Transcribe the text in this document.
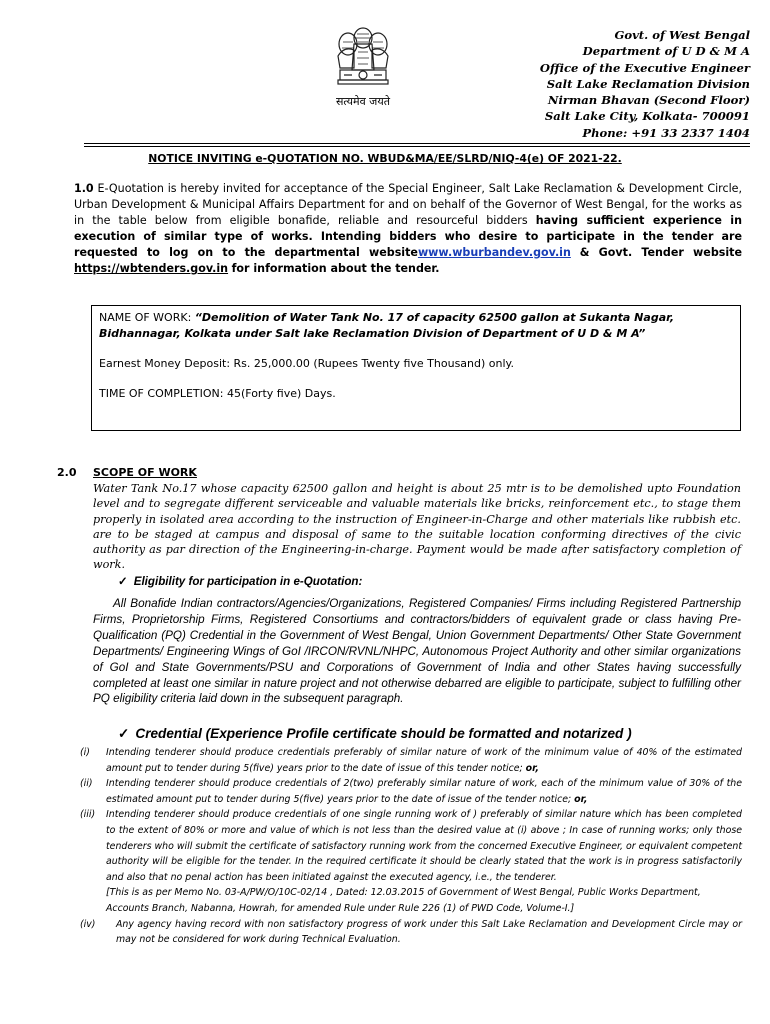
सत्यमेव जयते
Govt. of West Bengal
Department of U D & M A
Office of the Executive Engineer
Salt Lake Reclamation Division
Nirman Bhavan (Second Floor)
Salt Lake City, Kolkata- 700091
Phone: +91 33 2337 1404
NOTICE INVITING e-QUOTATION NO. WBUD&MA/EE/SLRD/NIQ-4(e) OF 2021-22.
1.0 E-Quotation is hereby invited for acceptance of the Special Engineer, Salt Lake Reclamation & Development Circle, Urban Development & Municipal Affairs Department for and on behalf of the Governor of West Bengal, for the works as in the table below from eligible bonafide, reliable and resourceful bidders having sufficient experience in execution of similar type of works. Intending bidders who desire to participate in the tender are requested to log on to the departmental websitewww.wburbandev.gov.in & Govt. Tender website https://wbtenders.gov.in for information about the tender.

NAME OF WORK: “Demolition of Water Tank No. 17 of capacity 62500 gallon at Sukanta Nagar, Bidhannagar, Kolkata under Salt lake Reclamation Division of Department of U D & M A”

Earnest Money Deposit: Rs. 25,000.00 (Rupees Twenty five Thousand) only.

TIME OF COMPLETION: 45(Forty five) Days.

2.0 SCOPE OF WORK
Water Tank No.17 whose capacity 62500 gallon and height is about 25 mtr is to be demolished upto Foundation level and to segregate different serviceable and valuable materials like bricks, reinforcement etc., to stage them properly in isolated area according to the instruction of Engineer-in-Charge and other materials like rubbish etc. are to be staged at campus and disposal of same to the suitable location conforming directives of the civic authority as par direction of the Engineering-in-charge. Payment would be made after satisfactory completion of work.
✓ Eligibility for participation in e-Quotation:
All Bonafide Indian contractors/Agencies/Organizations, Registered Companies/ Firms including Registered Partnership Firms, Proprietorship Firms, Registered Consortiums and contractors/bidders of equivalent grade or class having Pre-Qualification (PQ) Credential in the Government of West Bengal, Union Government Departments/ Other State Government Departments/ Engineering Wings of GoI /IRCON/RVNL/NHPC, Autonomous Project Authority and other similar organizations of GoI and State Governments/PSU and Corporations of Government of India and other States having successfully completed at least one similar in nature project and not otherwise debarred are eligible to participate, subject to fulfilling other PQ eligibility criteria laid down in the subsequent paragraph.
✓ Credential (Experience Profile certificate should be formatted and notarized )
(i) Intending tenderer should produce credentials preferably of similar nature of work of the minimum value of 40% of the estimated amount put to tender during 5(five) years prior to the date of issue of this tender notice; or,
(ii) Intending tenderer should produce credentials of 2(two) preferably similar nature of work, each of the minimum value of 30% of the estimated amount put to tender during 5(five) years prior to the date of issue of the tender notice; or,
(iii) Intending tenderer should produce credentials of one single running work of ) preferably of similar nature which has been completed to the extent of 80% or more and value of which is not less than the desired value at (i) above ; In case of running works; only those tenderers who will submit the certificate of satisfactory running work from the concerned Executive Engineer, or equivalent competent authority will be eligible for the tender. In the required certificate it should be clearly stated that the work is in progress satisfactorily and also that no penal action has been initiated against the executed agency, i.e., the tenderer.
[This is as per Memo No. 03-A/PW/O/10C-02/14 , Dated: 12.03.2015 of Government of West Bengal, Public Works Department, Accounts Branch, Nabanna, Howrah, for amended Rule under Rule 226 (1) of PWD Code, Volume-I.]
(iv) Any agency having record with non satisfactory progress of work under this Salt Lake Reclamation and Development Circle may or may not be considered for work during Technical Evaluation.
